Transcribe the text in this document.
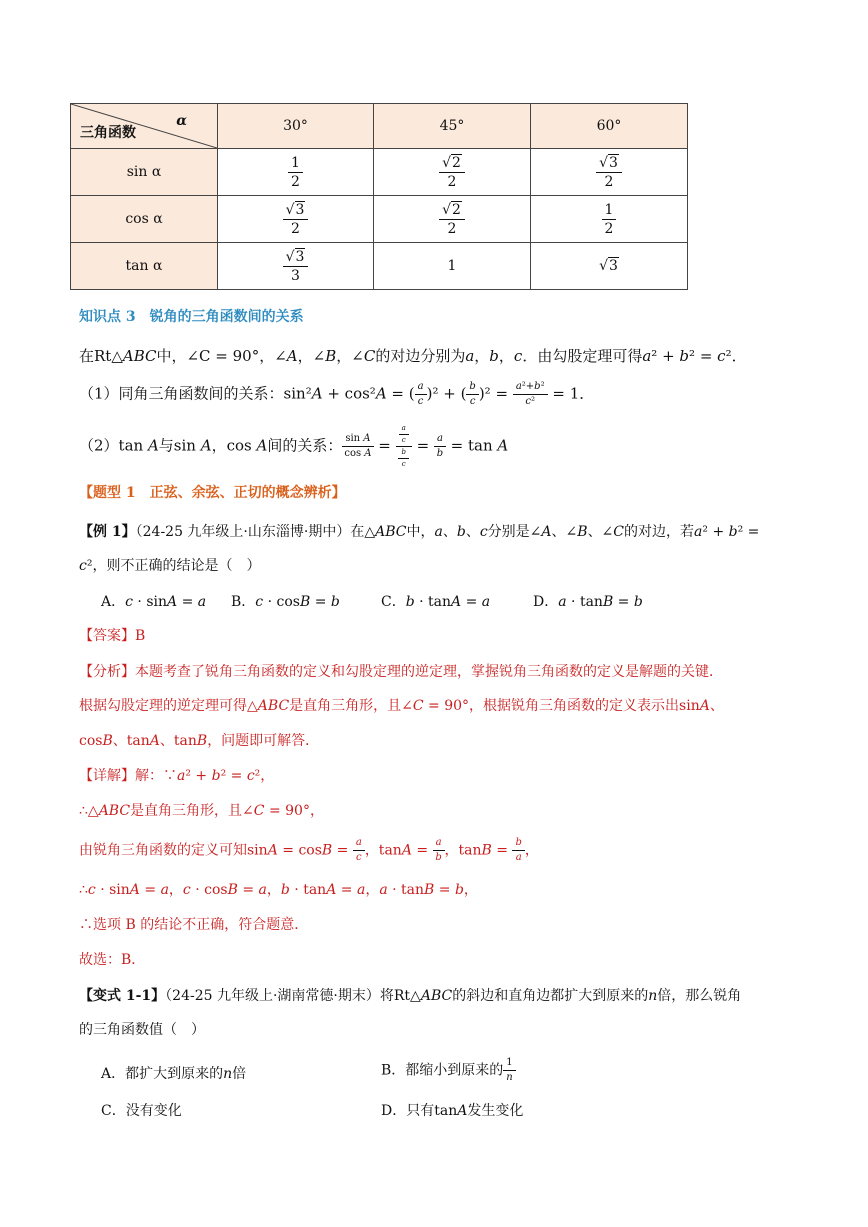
α
三角函数	30°	45°	60°
sin α	$\frac{1}{2}$	$\frac{√2}{2}$	$\frac{√3}{2}$

cos α	$\frac{√3}{2}$	$\frac{√2}{2}$	$\frac{1}{2}$

tan α	$\frac{√3}{3}$	1	√3
知识点 3　锐角的三角函数间的关系
在Rt△ABC中，∠C = 90°，∠A，∠B，∠C的对边分别为a，b，c．由勾股定理可得a² + b² = c²．
（1）同角三角函数间的关系：sin²A + cos²A = ( $\frac{a}{c} )^2$ + ( $\frac{b}{c} )^2 = \frac{\text{a²+b²}}{\text{c²}} = 1$．
（2）tan A与sin A，cos A间的关系： $\frac{\text{sin A}}{\text{cos A}} = \frac{\frac{a}{c}}{\frac{b}{c}} = \frac{a}{b} = \tan A$
【题型 1　正弦、余弦、正切的概念辨析】
【例 1】（24-25 九年级上·山东淄博·期中）在△ABC中，a、b、c分别是∠A、∠B、∠C的对边，若a² + b² =
c²，则不正确的结论是（　）
A．c · sinA = a B．c · cosB = b	C．b · tanA = a	D．a · tanB = b
【答案】B
【分析】本题考查了锐角三角函数的定义和勾股定理的逆定理，掌握锐角三角函数的定义是解题的关键．
根据勾股定理的逆定理可得△ABC是直角三角形，且∠C = 90°，根据锐角三角函数的定义表示出sinA、
cosB、tanA、tanB，问题即可解答．
【详解】解：∵a² + b² = c²，
∴△ABC是直角三角形，且∠C = 90°，
由锐角三角函数的定义可知$\sin A = \cos B = \frac{a}{c}$ ，$\tan A = \frac{a}{b}$ ，$\tan B = \frac{b}{a}$ ，
∴c · sinA = a，c · cosB = a，b · tanA = a，a · tanB = b，
∴选项 B 的结论不正确，符合题意．
故选：B．
【变式 1-1】（24-25 九年级上·湖南常德·期末）将Rt△ABC的斜边和直角边都扩大到原来的n倍，那么锐角
的三角函数值（　）
A．都扩大到原来的n倍	B．都缩小到原来的 $\frac{1}{n}$
C．没有变化	D．只有tanA发生变化
